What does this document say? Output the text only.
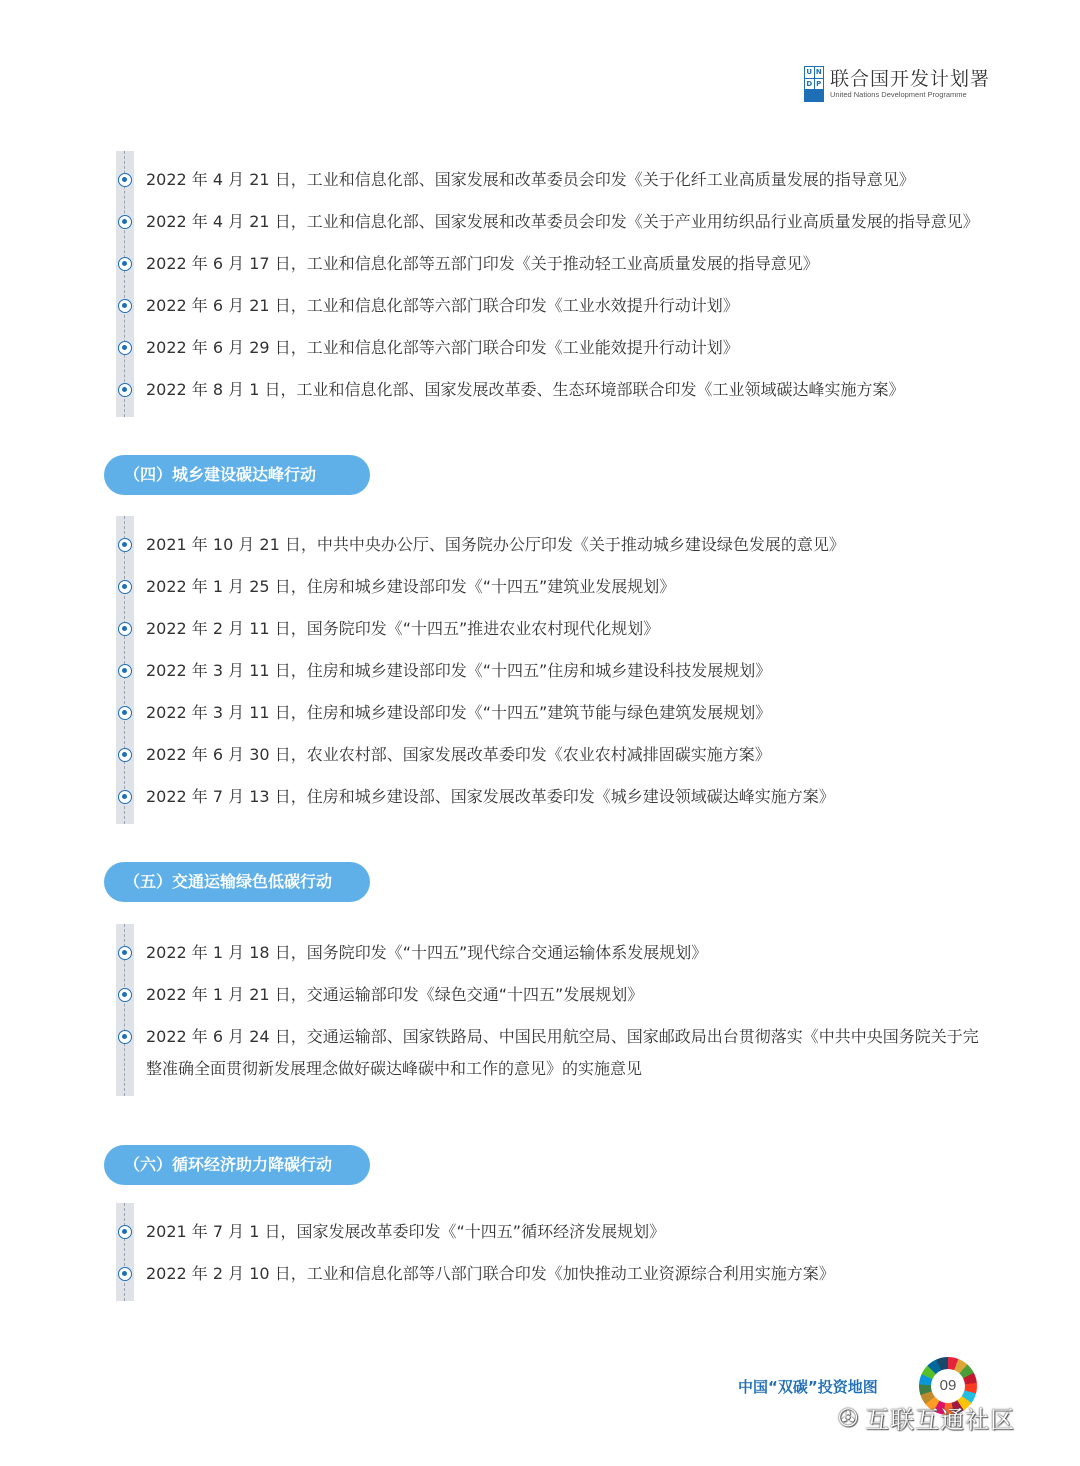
U N
D P 联合国开发计划署
United Nations Development Programme
2022 年 4 月 21 日，工业和信息化部、国家发展和改革委员会印发《关于化纤工业高质量发展的指导意见》
2022 年 4 月 21 日，工业和信息化部、国家发展和改革委员会印发《关于产业用纺织品行业高质量发展的指导意见》
2022 年 6 月 17 日，工业和信息化部等五部门印发《关于推动轻工业高质量发展的指导意见》
2022 年 6 月 21 日，工业和信息化部等六部门联合印发《工业水效提升行动计划》
2022 年 6 月 29 日，工业和信息化部等六部门联合印发《工业能效提升行动计划》
2022 年 8 月 1 日，工业和信息化部、国家发展改革委、生态环境部联合印发《工业领域碳达峰实施方案》
（四）城乡建设碳达峰行动
2021 年 10 月 21 日，中共中央办公厅、国务院办公厅印发《关于推动城乡建设绿色发展的意见》
2022 年 1 月 25 日，住房和城乡建设部印发《“十四五”建筑业发展规划》
2022 年 2 月 11 日，国务院印发《“十四五”推进农业农村现代化规划》
2022 年 3 月 11 日，住房和城乡建设部印发《“十四五”住房和城乡建设科技发展规划》
2022 年 3 月 11 日，住房和城乡建设部印发《“十四五”建筑节能与绿色建筑发展规划》
2022 年 6 月 30 日，农业农村部、国家发展改革委印发《农业农村减排固碳实施方案》
2022 年 7 月 13 日，住房和城乡建设部、国家发展改革委印发《城乡建设领域碳达峰实施方案》
（五）交通运输绿色低碳行动
2022 年 1 月 18 日，国务院印发《“十四五”现代综合交通运输体系发展规划》
2022 年 1 月 21 日，交通运输部印发《绿色交通“十四五”发展规划》
2022 年 6 月 24 日，交通运输部、国家铁路局、中国民用航空局、国家邮政局出台贯彻落实《中共中央国务院关于完整准确全面贯彻新发展理念做好碳达峰碳中和工作的意见》的实施意见
（六）循环经济助力降碳行动
2021 年 7 月 1 日，国家发展改革委印发《“十四五”循环经济发展规划》
2022 年 2 月 10 日，工业和信息化部等八部门联合印发《加快推动工业资源综合利用实施方案》
中国“双碳”投资地图	09
✇ 互联互通社区
